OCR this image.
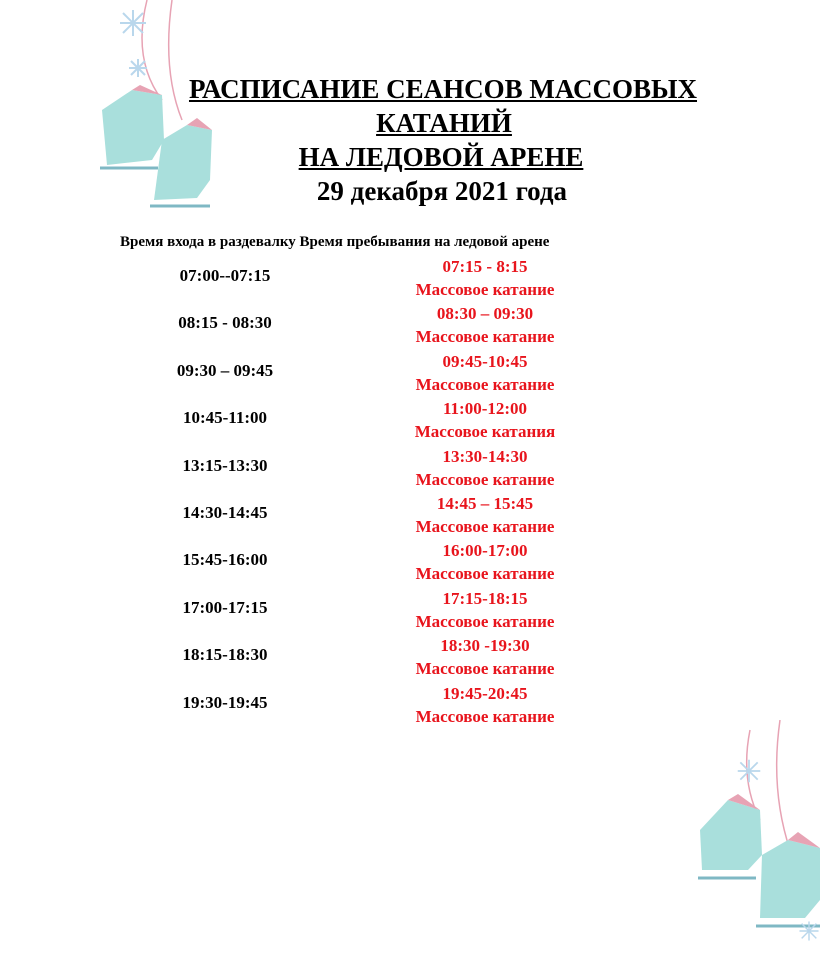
РАСПИСАНИЕ СЕАНСОВ МАССОВЫХ
КАТАНИЙ
НА ЛЕДОВОЙ АРЕНЕ
29 декабря 2021 года
Время входа в раздевалку Время пребывания на ледовой арене
07:00--07:15	07:15 - 8:15
Массовое катание
08:15 - 08:30	08:30 – 09:30
Массовое катание
09:30 – 09:45	09:45-10:45
Массовое катание
10:45-11:00	11:00-12:00
Массовое катания
13:15-13:30	13:30-14:30
Массовое катание
14:30-14:45	14:45 – 15:45
Массовое катание
15:45-16:00	16:00-17:00
Массовое катание
17:00-17:15	17:15-18:15
Массовое катание
18:15-18:30	18:30 -19:30
Массовое катание
19:30-19:45	19:45-20:45
Массовое катание
